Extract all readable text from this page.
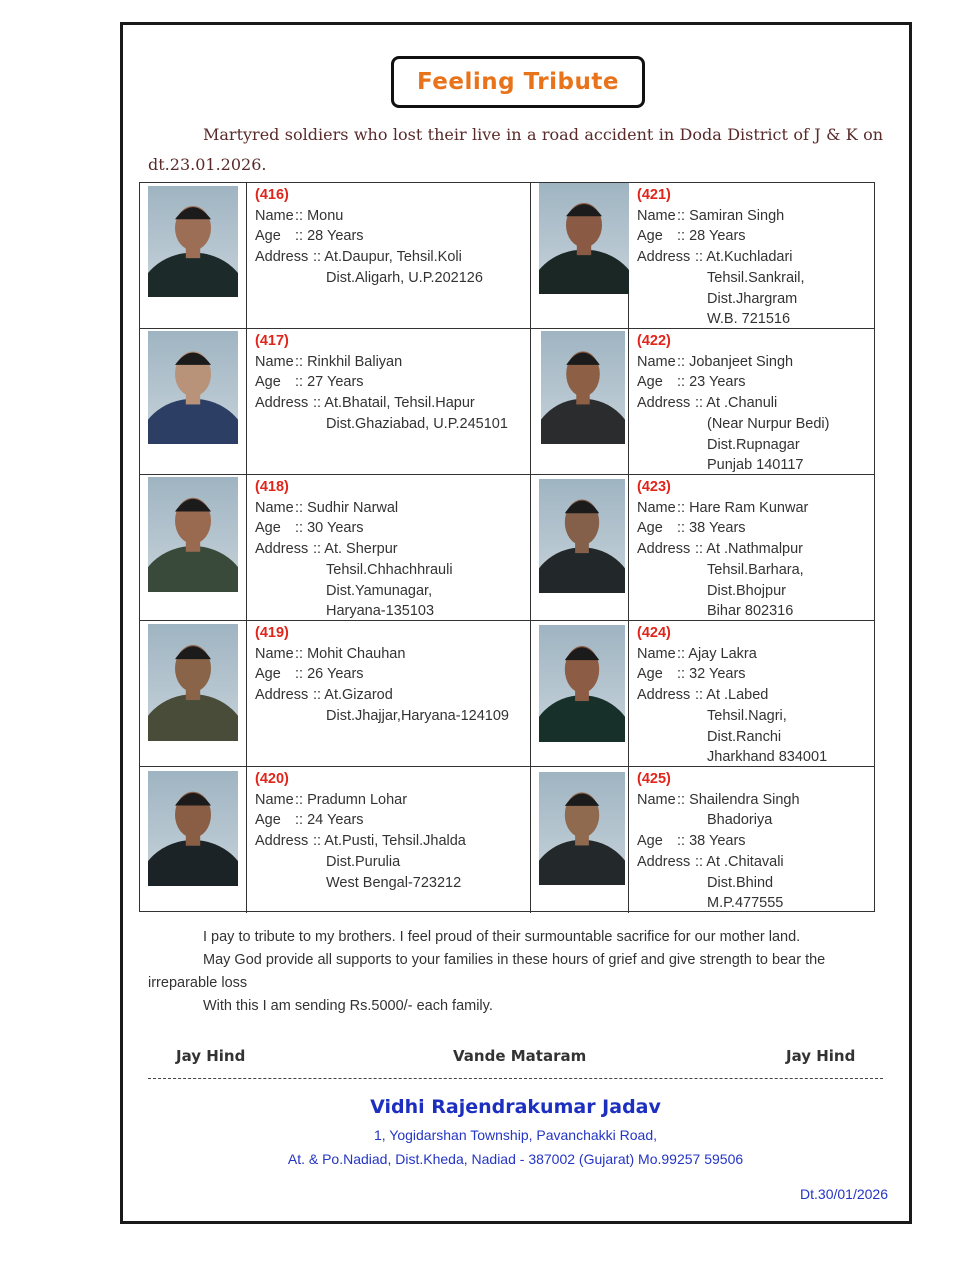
Feeling Tribute
Martyred soldiers who lost their live in a road accident in Doda District of J & K on dt.23.01.2026.
(416)
Name:: Monu
Age :: 28 Years
Address :: At.Daupur, Tehsil.Koli
Dist.Aligarh, U.P.202126
(421)
Name:: Samiran Singh
Age :: 28 Years
Address :: At.Kuchladari
Tehsil.Sankrail,
Dist.Jhargram
W.B. 721516
(417)
Name:: Rinkhil Baliyan
Age :: 27 Years
Address :: At.Bhatail, Tehsil.Hapur
Dist.Ghaziabad, U.P.245101
(422)
Name:: Jobanjeet Singh
Age :: 23 Years
Address :: At .Chanuli
(Near Nurpur Bedi)
Dist.Rupnagar
Punjab 140117
(418)
Name:: Sudhir Narwal
Age :: 30 Years
Address :: At. Sherpur
Tehsil.Chhachhrauli
Dist.Yamunagar,
Haryana-135103
(423)
Name:: Hare Ram Kunwar
Age :: 38 Years
Address :: At .Nathmalpur
Tehsil.Barhara,
Dist.Bhojpur
Bihar 802316
(419)
Name:: Mohit Chauhan
Age :: 26 Years
Address :: At.Gizarod
Dist.Jhajjar,Haryana-124109
(424)
Name:: Ajay Lakra
Age :: 32 Years
Address :: At .Labed
Tehsil.Nagri,
Dist.Ranchi
Jharkhand 834001
(420)
Name:: Pradumn Lohar
Age :: 24 Years
Address :: At.Pusti, Tehsil.Jhalda
Dist.Purulia
West Bengal-723212
(425)
Name:: Shailendra Singh
Bhadoriya
Age :: 38 Years
Address :: At .Chitavali
Dist.Bhind
M.P.477555

I pay to tribute to my brothers. I feel proud of their surmountable sacrifice for our mother land.

May God provide all supports to your families in these hours of grief and give strength to bear the irreparable loss

With this I am sending Rs.5000/- each family.

Jay Hind	Vande Mataram	Jay Hind
Vidhi Rajendrakumar Jadav
1, Yogidarshan Township, Pavanchakki Road,
At. & Po.Nadiad, Dist.Kheda, Nadiad - 387002 (Gujarat) Mo.99257 59506
Dt.30/01/2026
